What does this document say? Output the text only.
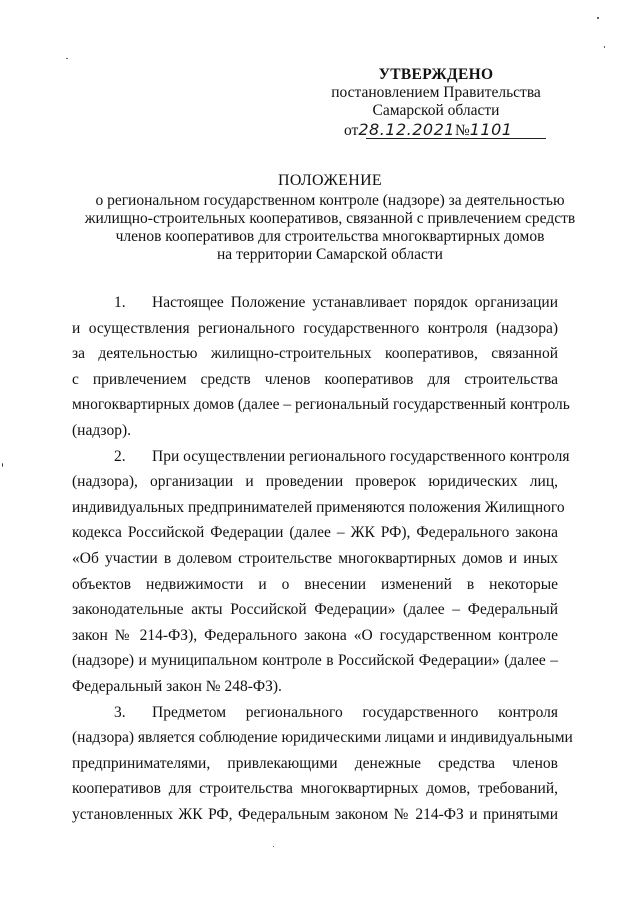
УТВЕРЖДЕНО
постановлением Правительства
Самарской области
от28.12.2021№1101
ПОЛОЖЕНИЕ
о региональном государственном контроле (надзоре) за деятельностью
жилищно-строительных кооперативов, связанной с привлечением средств
членов кооперативов для строительства многоквартирных домов
на территории Самарской области
1. Настоящее Положение устанавливает порядок организации
и осуществления регионального государственного контроля (надзора)
за деятельностью жилищно-строительных кооперативов, связанной
с привлечением средств членов кооперативов для строительства
многоквартирных домов (далее – региональный государственный контроль
(надзор).
2. При осуществлении регионального государственного контроля
(надзора), организации и проведении проверок юридических лиц,
индивидуальных предпринимателей применяются положения Жилищного
кодекса Российской Федерации (далее – ЖК РФ), Федерального закона
«Об участии в долевом строительстве многоквартирных домов и иных
объектов недвижимости и о внесении изменений в некоторые
законодательные акты Российской Федерации» (далее – Федеральный
закон № 214-ФЗ), Федерального закона «О государственном контроле
(надзоре) и муниципальном контроле в Российской Федерации» (далее –
Федеральный закон № 248-ФЗ).
3. Предметом регионального государственного контроля
(надзора) является соблюдение юридическими лицами и индивидуальными
предпринимателями, привлекающими денежные средства членов
кооперативов для строительства многоквартирных домов, требований,
установленных ЖК РФ, Федеральным законом № 214-ФЗ и принятыми
